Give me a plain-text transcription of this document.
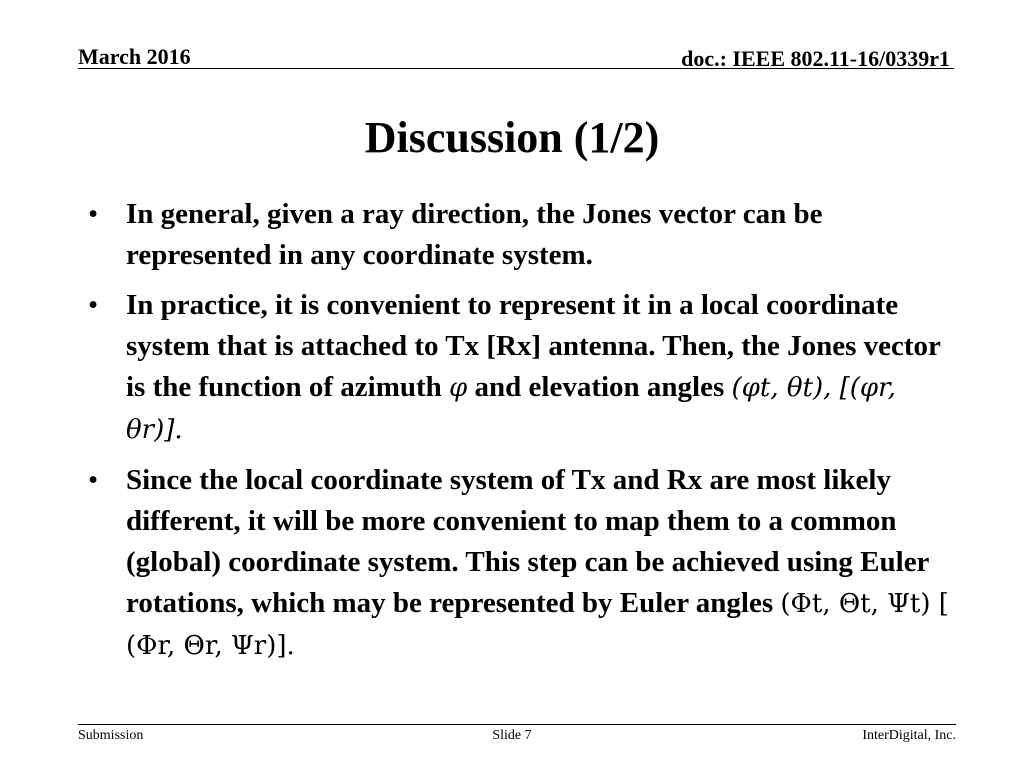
March 2016	doc.: IEEE 802.11-16/0339r1
Discussion (1/2)
• In general, given a ray direction, the Jones vector can be represented in any coordinate system.
• In practice, it is convenient to represent it in a local coordinate system that is attached to Tx [Rx] antenna. Then, the Jones vector is the function of azimuth φ and elevation angles (φt, θt), [(φr, θr)].
• Since the local coordinate system of Tx and Rx are most likely different, it will be more convenient to map them to a common (global) coordinate system. This step can be achieved using Euler rotations, which may be represented by Euler angles (Φt, Θt, Ψt) [ (Φr, Θr, Ψr)].
Submission	Slide 7	InterDigital, Inc.
